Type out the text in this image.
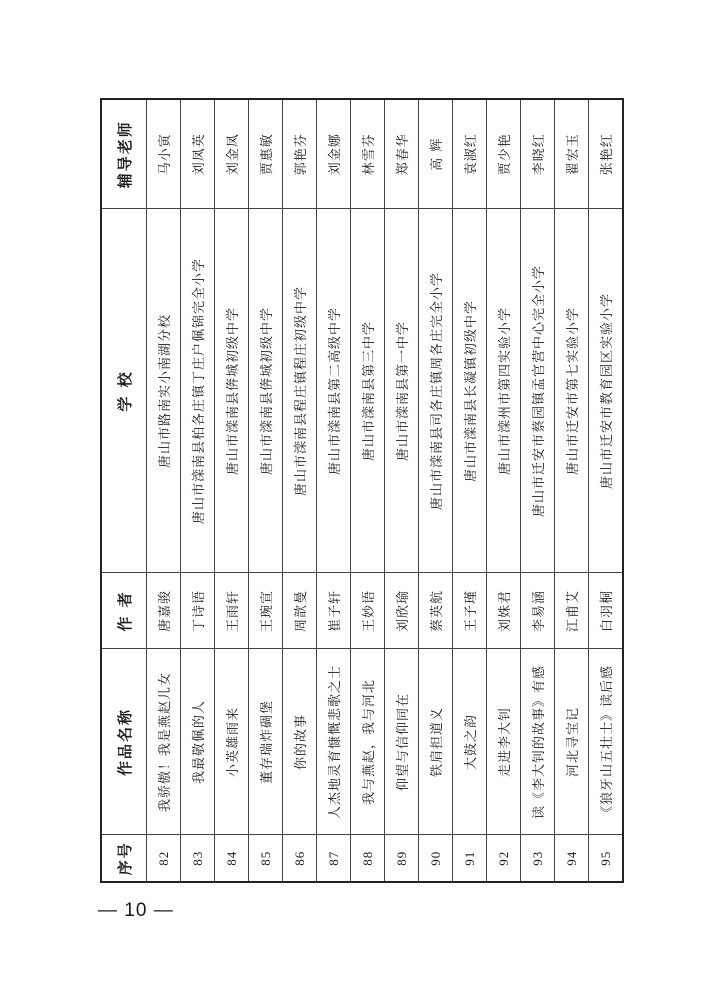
序号	作品名称	作 者	学 校	辅导老师
82	我骄傲！我是燕赵儿女	唐嘉骏	唐山市路南实小南湖分校	马小寅
83	我最敬佩的人	丁诗语	唐山市滦南县柏各庄镇丁庄户佩锦完全小学	刘凤英
84	小英雄雨来	王雨轩	唐山市滦南县倴城初级中学	刘金凤
85	董存瑞炸碉堡	王琬宣	唐山市滦南县倴城初级中学	贾惠敏
86	你的故事	周歆曼	唐山市滦南县程庄镇程庄初级中学	郭艳芬
87	人杰地灵育慷慨悲歌之士	崔子轩	唐山市滦南县第二高级中学	刘金娜
88	我与燕赵，我与河北	王妙语	唐山市滦南县第三中学	林雪芬
89	仰望与信仰同在	刘欣瑜	唐山市滦南县第一中学	郑春华
90	铁肩担道义	蔡英航	唐山市滦南县司各庄镇周各庄完全小学	高 辉
91	大鼓之韵	王子瑾	唐山市滦南县长凝镇初级中学	袁淑红
92	走进李大钊	刘姝君	唐山市滦州市第四实验小学	贾少艳
93	读《李大钊的故事》有感	李易涵	唐山市迁安市蔡园镇孟官营中心完全小学	李晓红
94	河北寻宝记	江甫艾	唐山市迁安市第七实验小学	翟宏玉
95	《狼牙山五壮士》读后感	白羽桐	唐山市迁安市教育园区实验小学	张艳红
— 10 —
